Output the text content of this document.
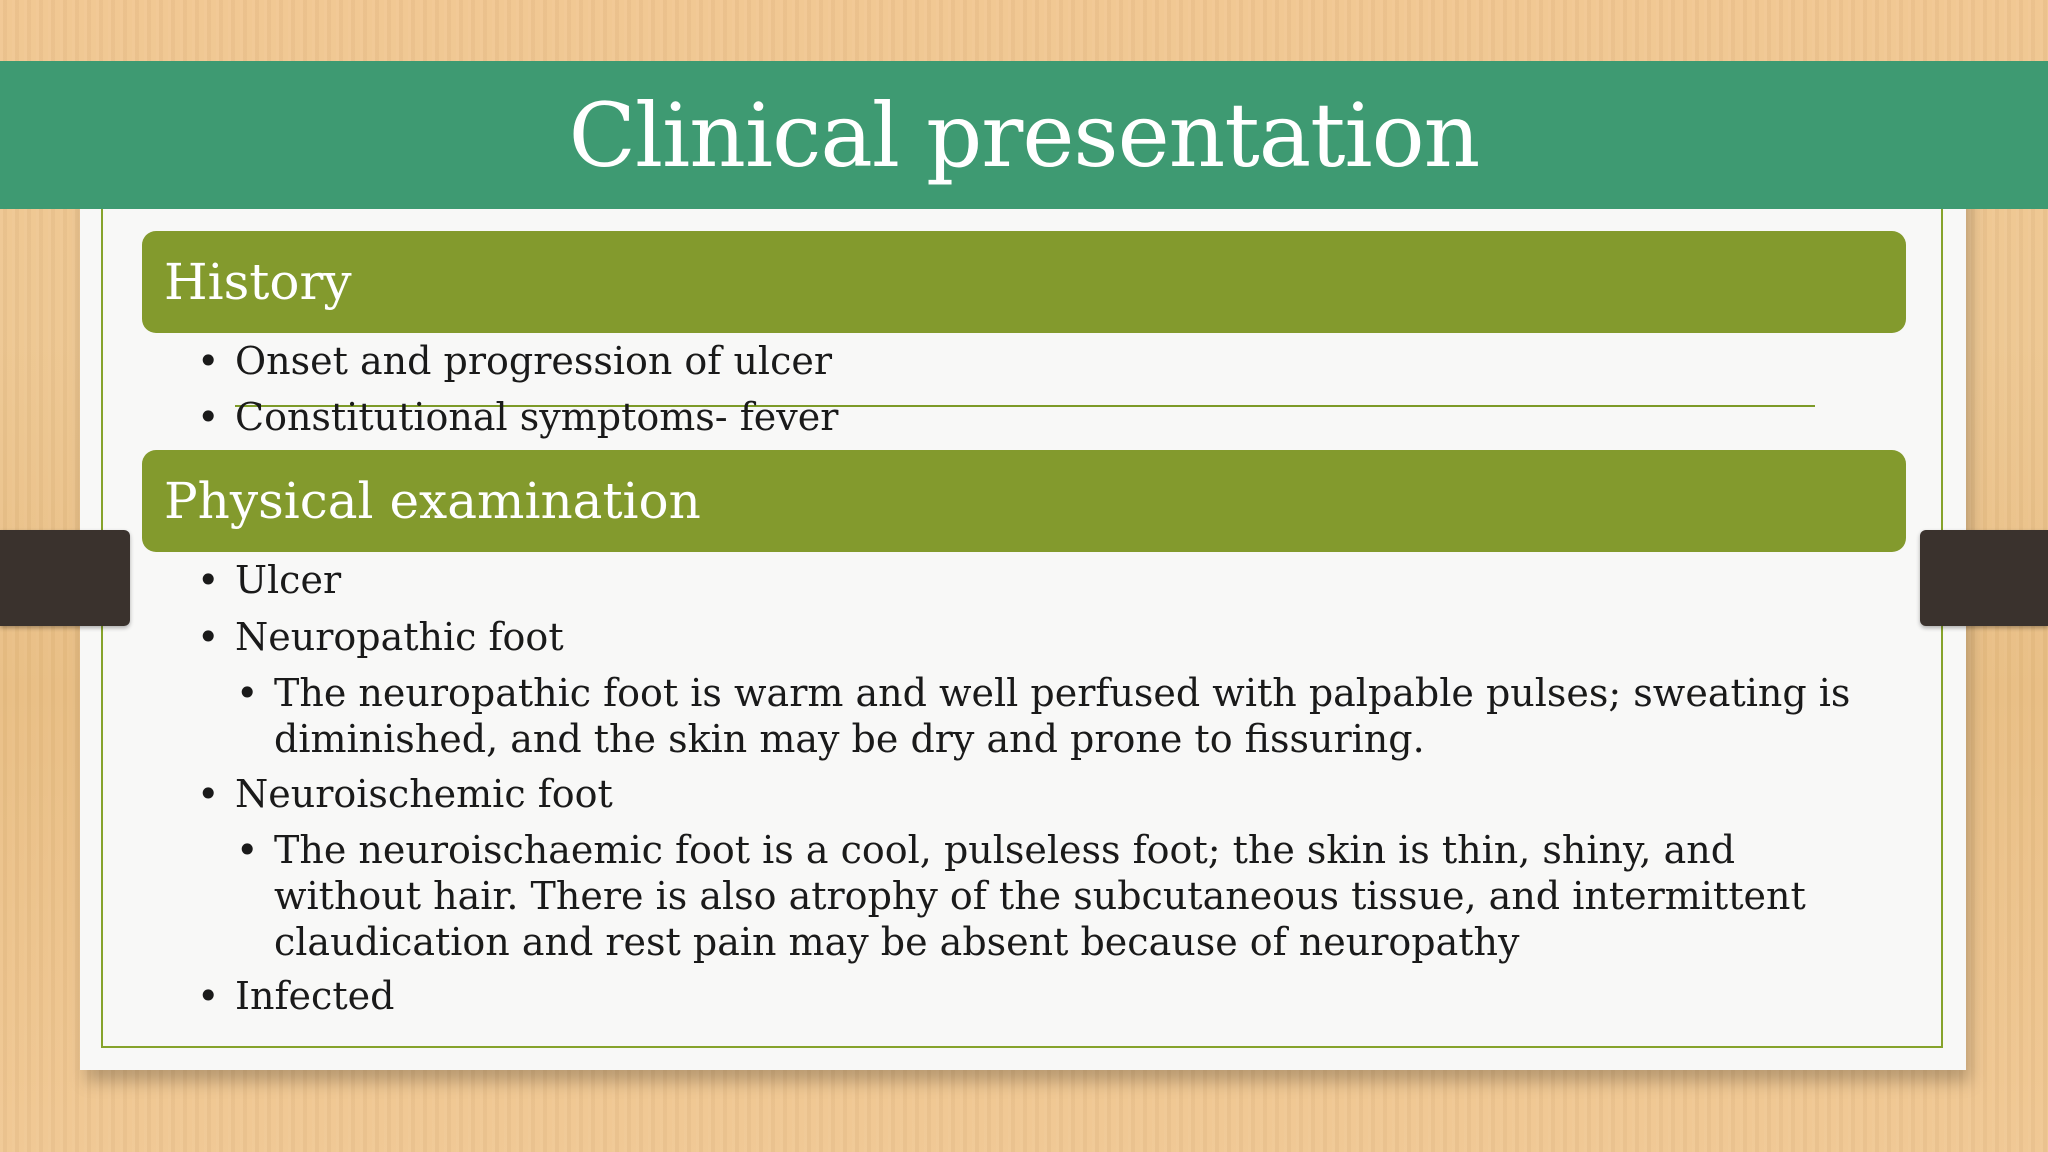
Clinical presentation
History
Physical examination
• Onset and progression of ulcer
• Constitutional symptoms- fever
• Ulcer
• Neuropathic foot
• The neuropathic foot is warm and well perfused with palpable pulses; sweating is diminished, and the skin may be dry and prone to fissuring.
• Neuroischemic foot
• The neuroischaemic foot is a cool, pulseless foot; the skin is thin, shiny, and without hair. There is also atrophy of the subcutaneous tissue, and intermittent claudication and rest pain may be absent because of neuropathy
• Infected
